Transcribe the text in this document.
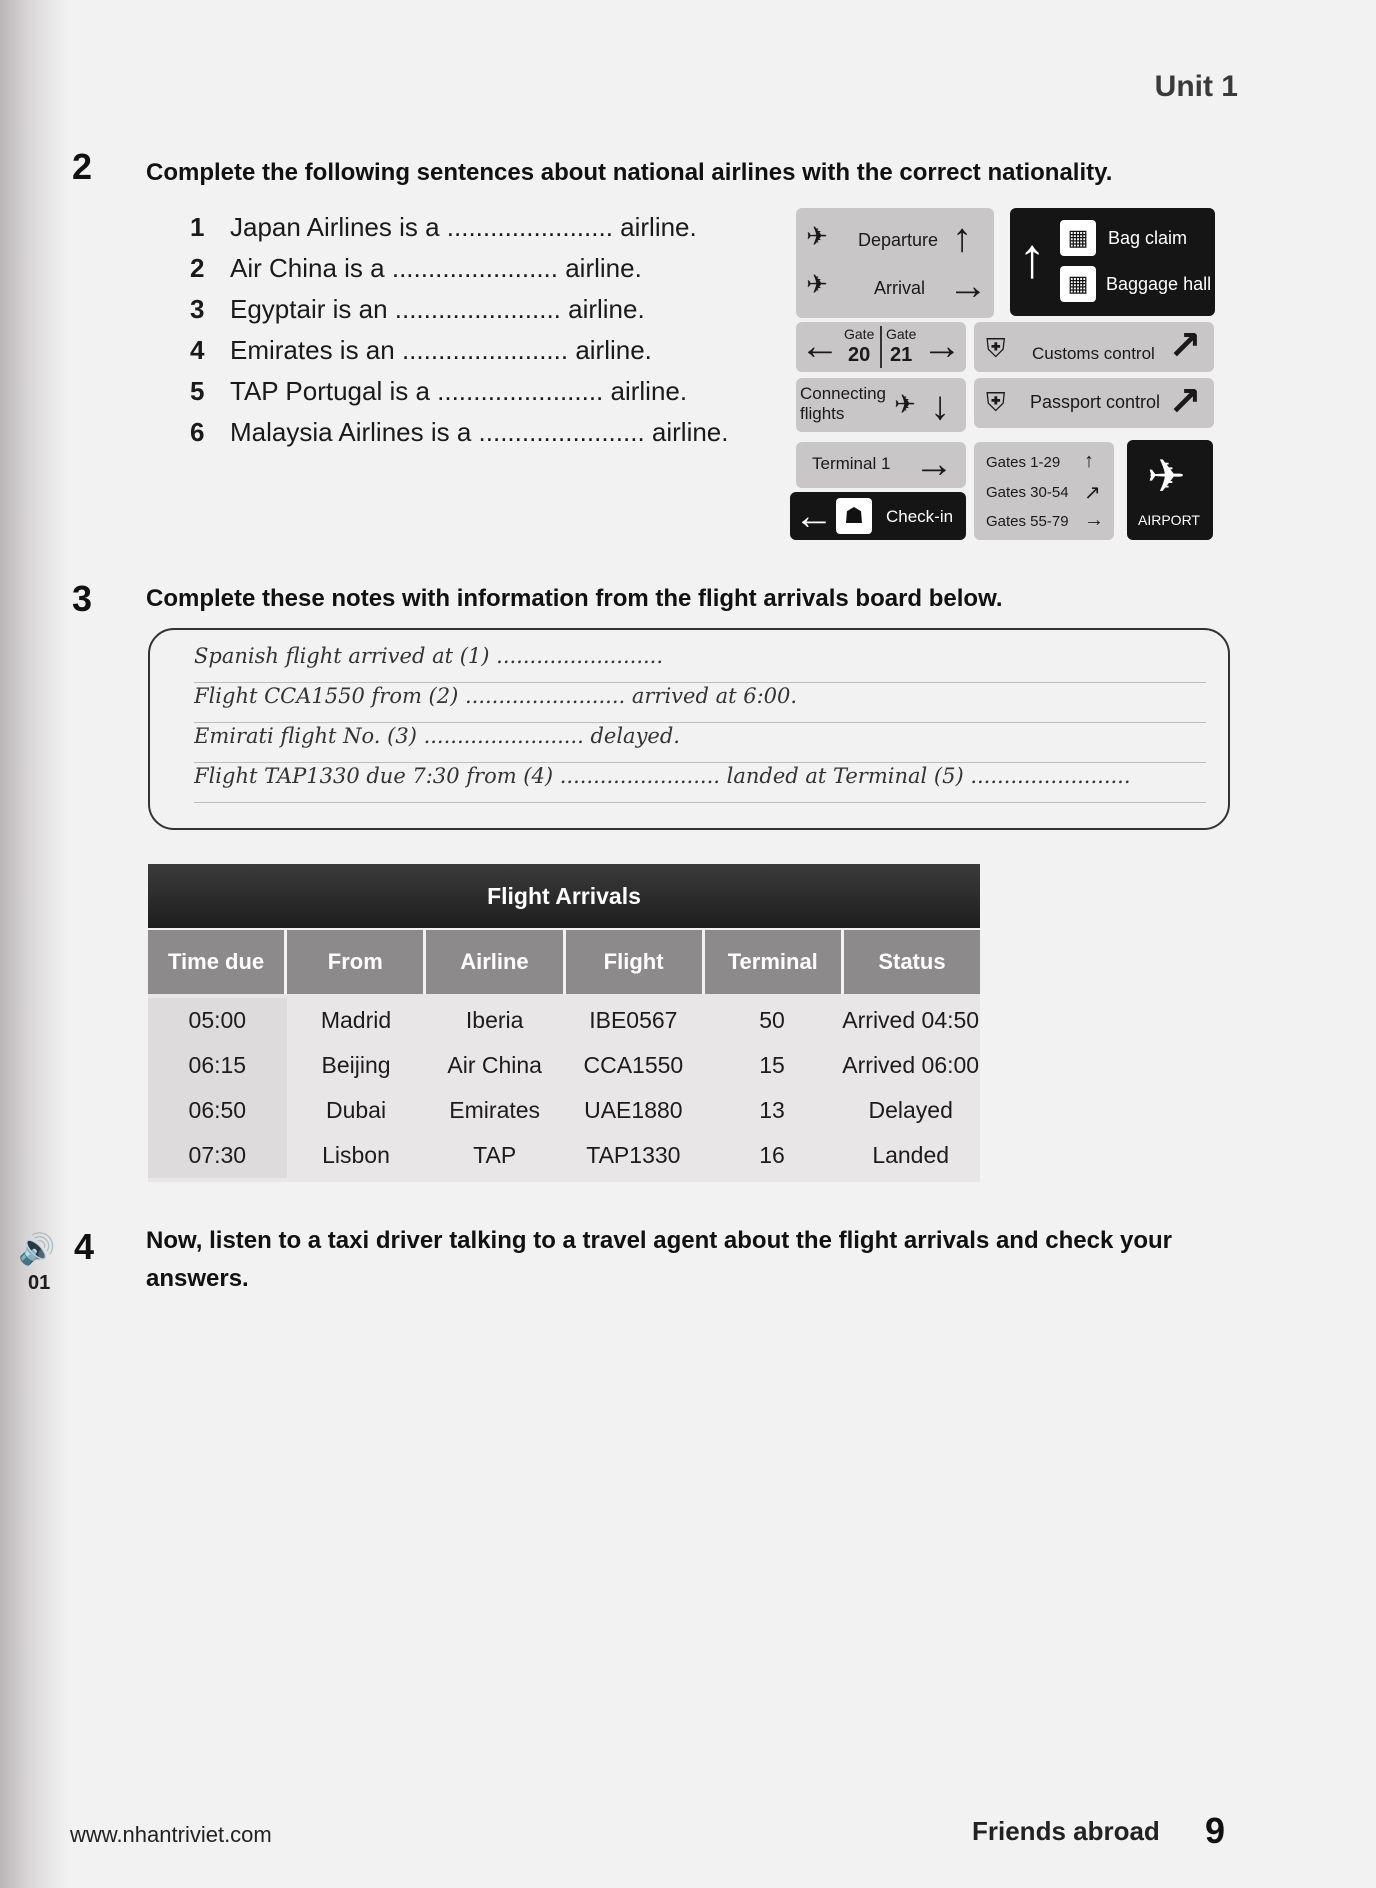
Unit 1
2 Complete the following sentences about national airlines with the correct nationality.
1 Japan Airlines is a ....................... airline.
2 Air China is a ....................... airline.
3 Egyptair is an ....................... airline.
4 Emirates is an ....................... airline.
5 TAP Portugal is a ....................... airline.
6 Malaysia Airlines is a ....................... airline.
✈ Departure ↑
✈	Arrival → ↑ ▦	Bag claim
▦ Baggage hall
← Gate
20
Gate
21 → ⛨ Customs control ↗
Connecting flights	✈ ↓ ⛨ Passport control ↗
Terminal 1 →
← ☗	Check-in
Gates 1-29 ↑
Gates 30-54 ↗
Gates 55-79 →
✈
AIRPORT
3 Complete these notes with information from the flight arrivals board below.
Spanish flight arrived at (1) .........................
Flight CCA1550 from (2) ........................ arrived at 6:00.
Emirati flight No. (3) ........................ delayed.
Flight TAP1330 due 7:30 from (4) ........................ landed at Terminal (5) ........................
Flight Arrivals
Time due	From	Airline	Flight	Terminal	Status
05:00	Madrid	Iberia	IBE0567	50	Arrived 04:50
06:15	Beijing	Air China	CCA1550	15	Arrived 06:00
06:50	Dubai	Emirates	UAE1880	13	Delayed
07:30	Lisbon	TAP	TAP1330	16	Landed
🔊
01
4 Now, listen to a taxi driver talking to a travel agent about the flight arrivals and check your answers.
www.nhantriviet.com	Friends abroad 9
